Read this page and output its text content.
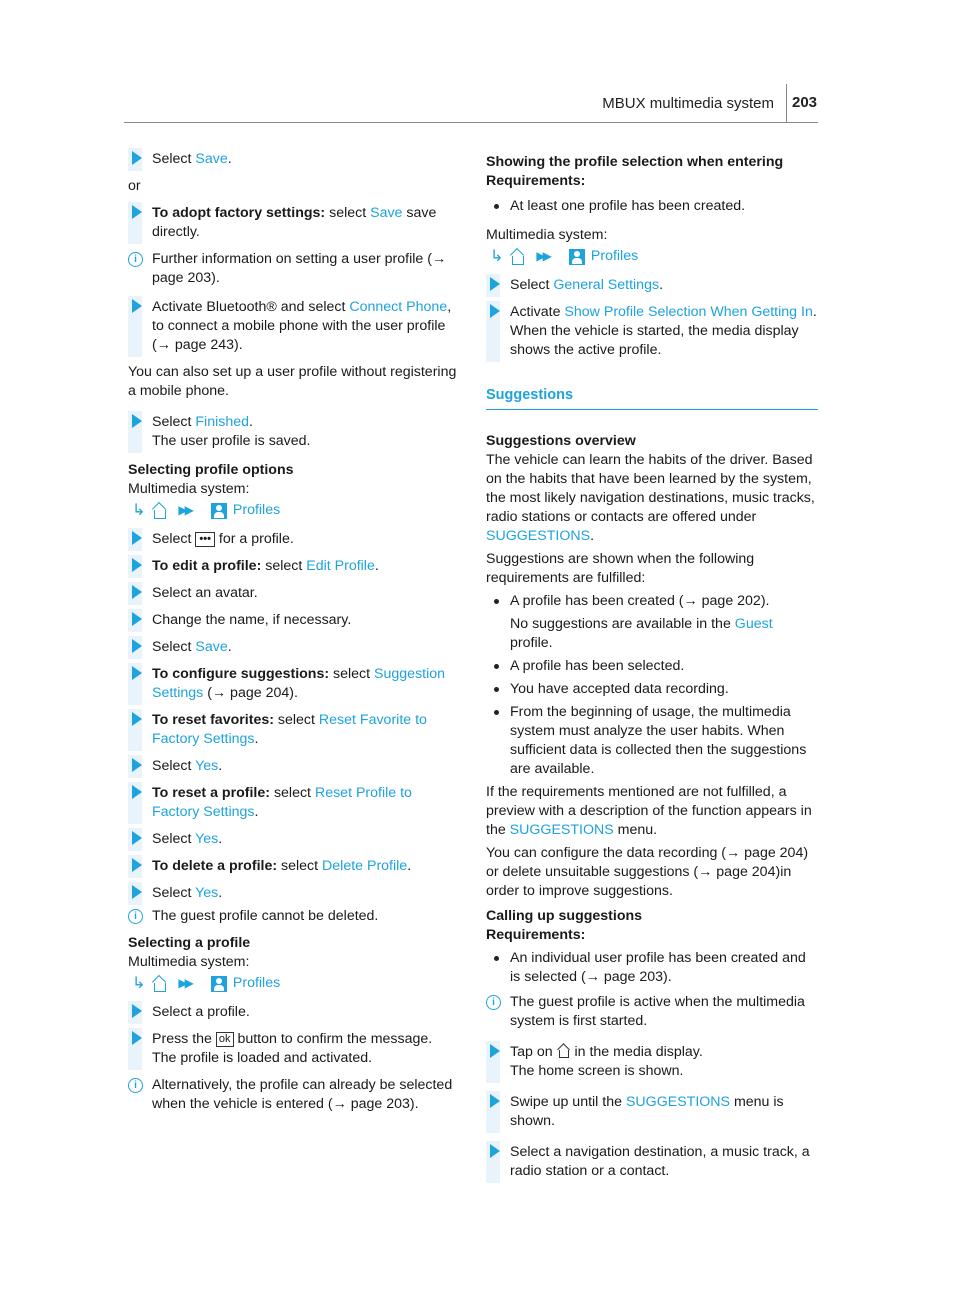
MBUX multimedia system 203
Select Save.
or
To adopt factory settings: select Save save directly.
i	Further information on setting a user profile (→ page 203).
Activate Bluetooth® and select Connect Phone, to connect a mobile phone with the user profile (→ page 243).
You can also set up a user profile without registering a mobile phone.
Select Finished.
The user profile is saved.
Selecting profile options
Multimedia system:
↳	▶▶	Profiles
Select ••• for a profile.
To edit a profile: select Edit Profile.
Select an avatar.
Change the name, if necessary.
Select Save.
To configure suggestions: select Suggestion Settings (→ page 204).
To reset favorites: select Reset Favorite to Factory Settings.
Select Yes.
To reset a profile: select Reset Profile to Factory Settings.
Select Yes.
To delete a profile: select Delete Profile.
Select Yes.
i	The guest profile cannot be deleted.
Selecting a profile
Multimedia system:
↳	▶▶	Profiles
Select a profile.
Press the ok button to confirm the message.
The profile is loaded and activated.
i	Alternatively, the profile can already be selected when the vehicle is entered (→ page 203).
Showing the profile selection when entering
Requirements:
At least one profile has been created.
Multimedia system:
↳	▶▶	Profiles
Select General Settings.
Activate Show Profile Selection When Getting In.
When the vehicle is started, the media display shows the active profile.
Suggestions
Suggestions overview
The vehicle can learn the habits of the driver. Based on the habits that have been learned by the system, the most likely navigation destinations, music tracks, radio stations or contacts are offered under SUGGESTIONS.
Suggestions are shown when the following requirements are fulfilled:
A profile has been created (→ page 202).
No suggestions are available in the Guest profile.
A profile has been selected.
You have accepted data recording.
From the beginning of usage, the multimedia system must analyze the user habits. When sufficient data is collected then the suggestions are available.
If the requirements mentioned are not fulfilled, a preview with a description of the function appears in the SUGGESTIONS menu.
You can configure the data recording (→ page 204) or delete unsuitable suggestions (→ page 204)in order to improve suggestions.
Calling up suggestions
Requirements:
An individual user profile has been created and is selected (→ page 203).
i	The guest profile is active when the multimedia system is first started.
Tap on  in the media display.
The home screen is shown.
Swipe up until the SUGGESTIONS menu is shown.
Select a navigation destination, a music track, a radio station or a contact.
